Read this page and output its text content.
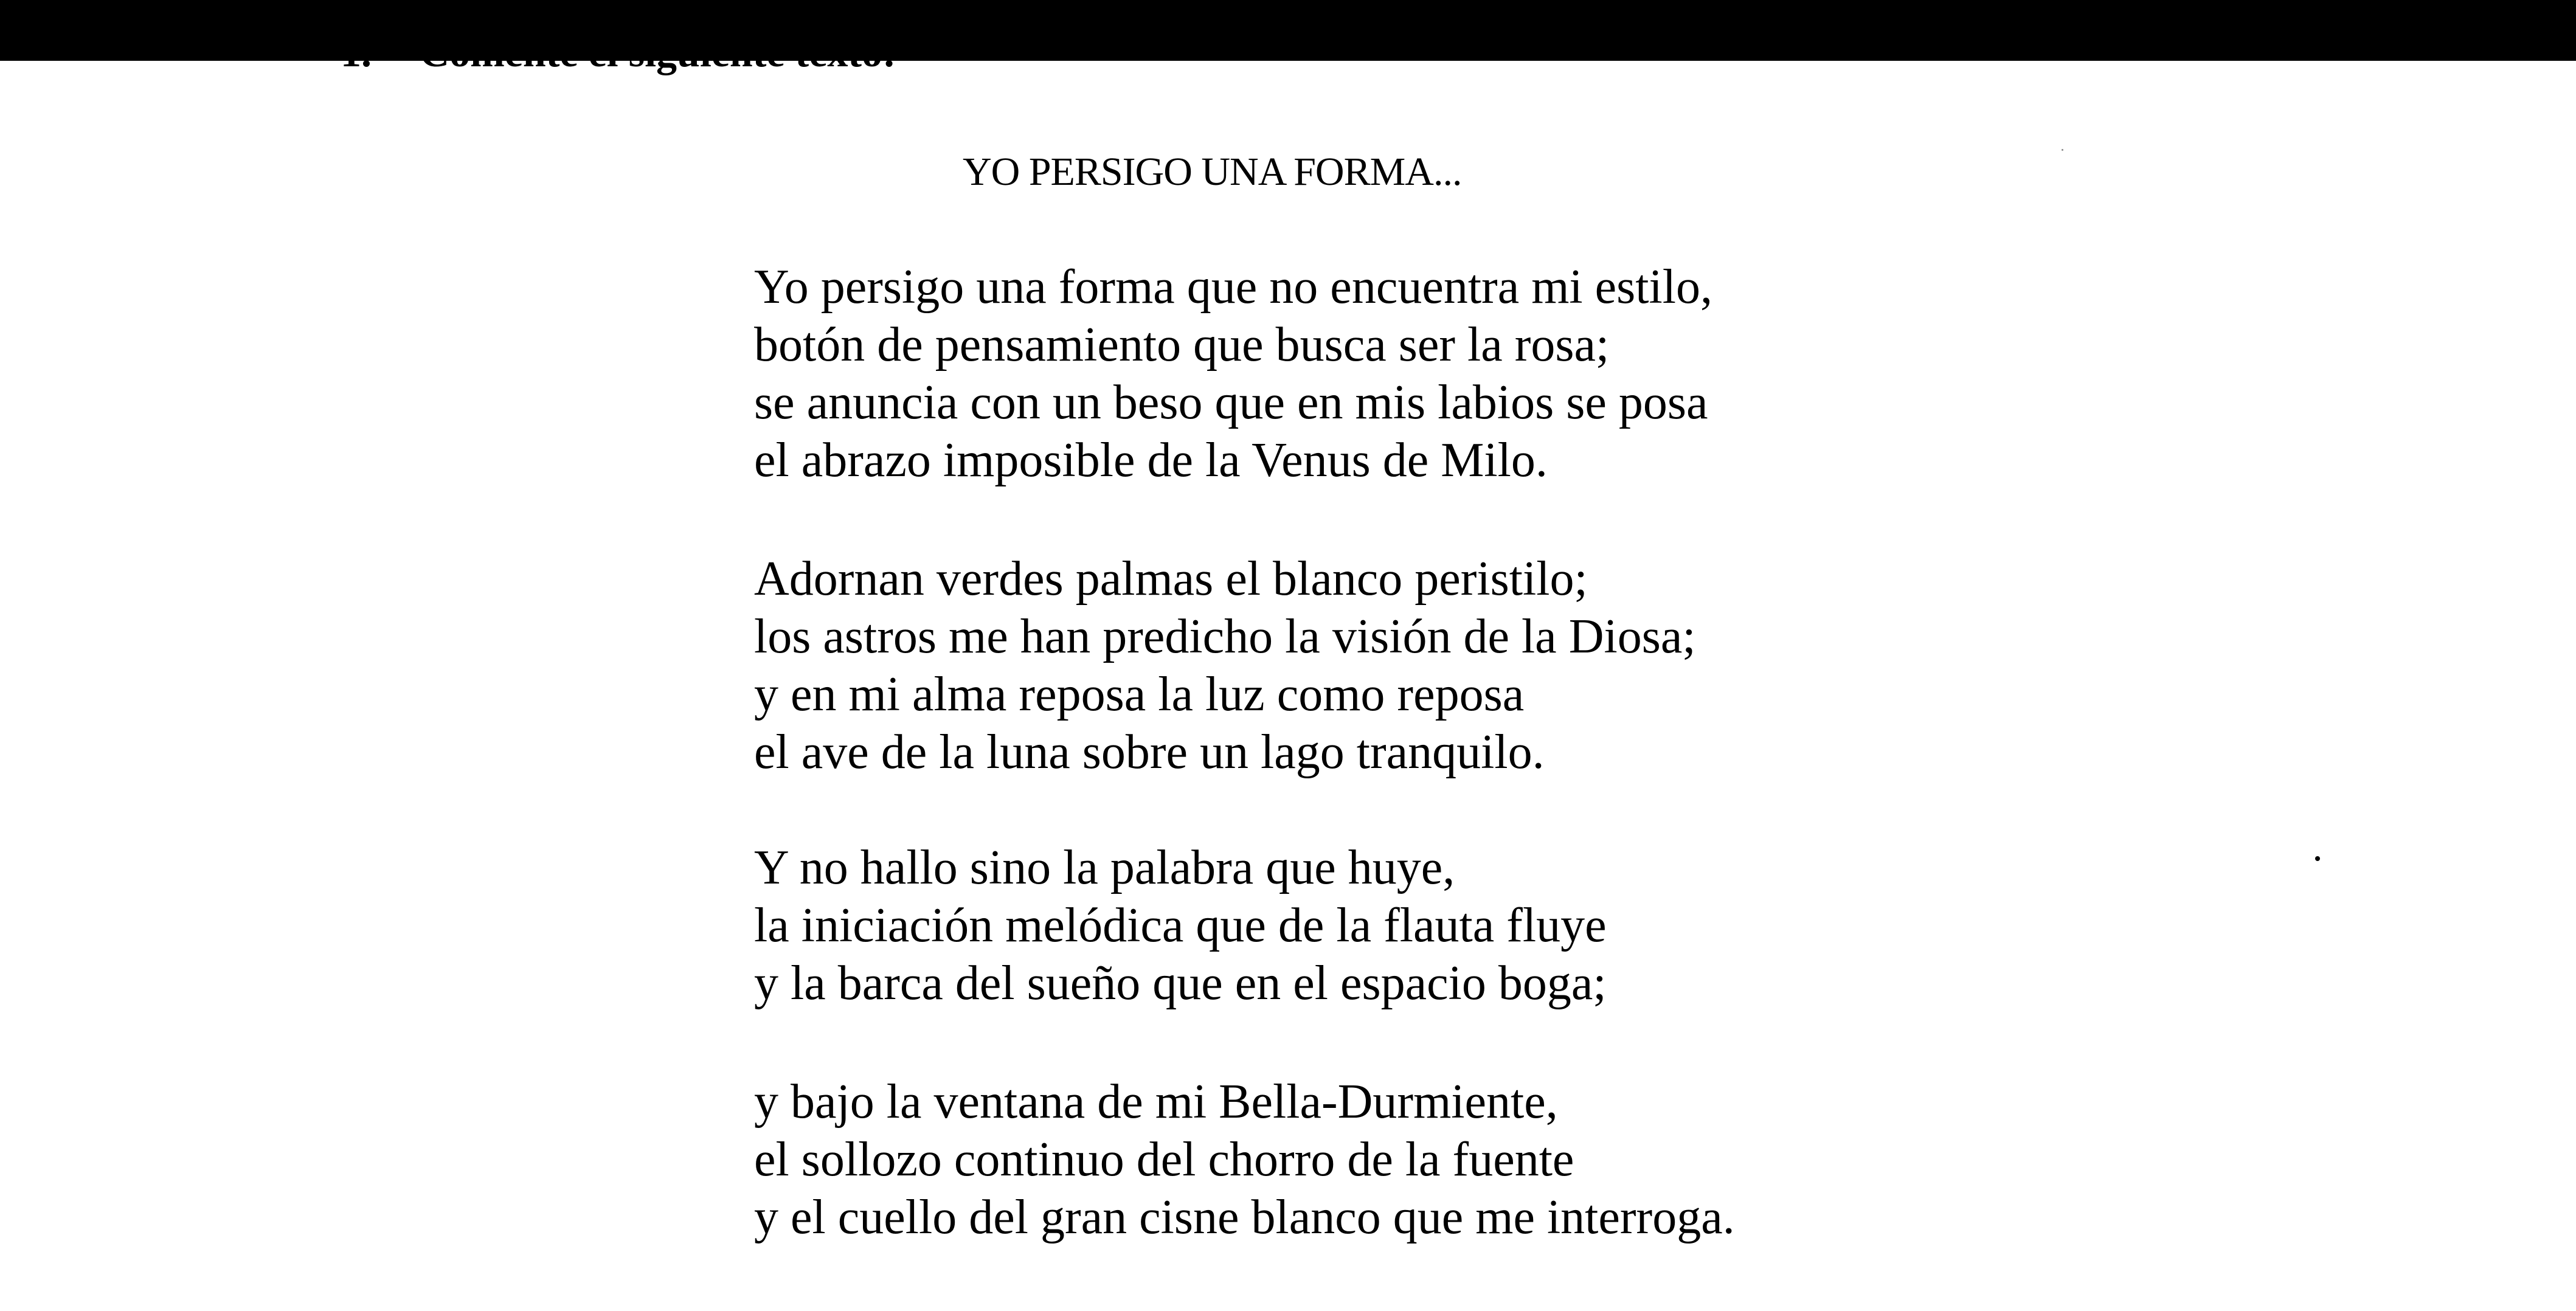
YO PERSIGO UNA FORMA...
Yo persigo una forma que no encuentra mi estilo,
botón de pensamiento que busca ser la rosa;
se anuncia con un beso que en mis labios se posa
el abrazo imposible de la Venus de Milo.
Adornan verdes palmas el blanco peristilo;
los astros me han predicho la visión de la Diosa;
y en mi alma reposa la luz como reposa
el ave de la luna sobre un lago tranquilo.
Y no hallo sino la palabra que huye,
la iniciación melódica que de la flauta fluye
y la barca del sueño que en el espacio boga;
y bajo la ventana de mi Bella-Durmiente,
el sollozo continuo del chorro de la fuente
y el cuello del gran cisne blanco que me interroga.
